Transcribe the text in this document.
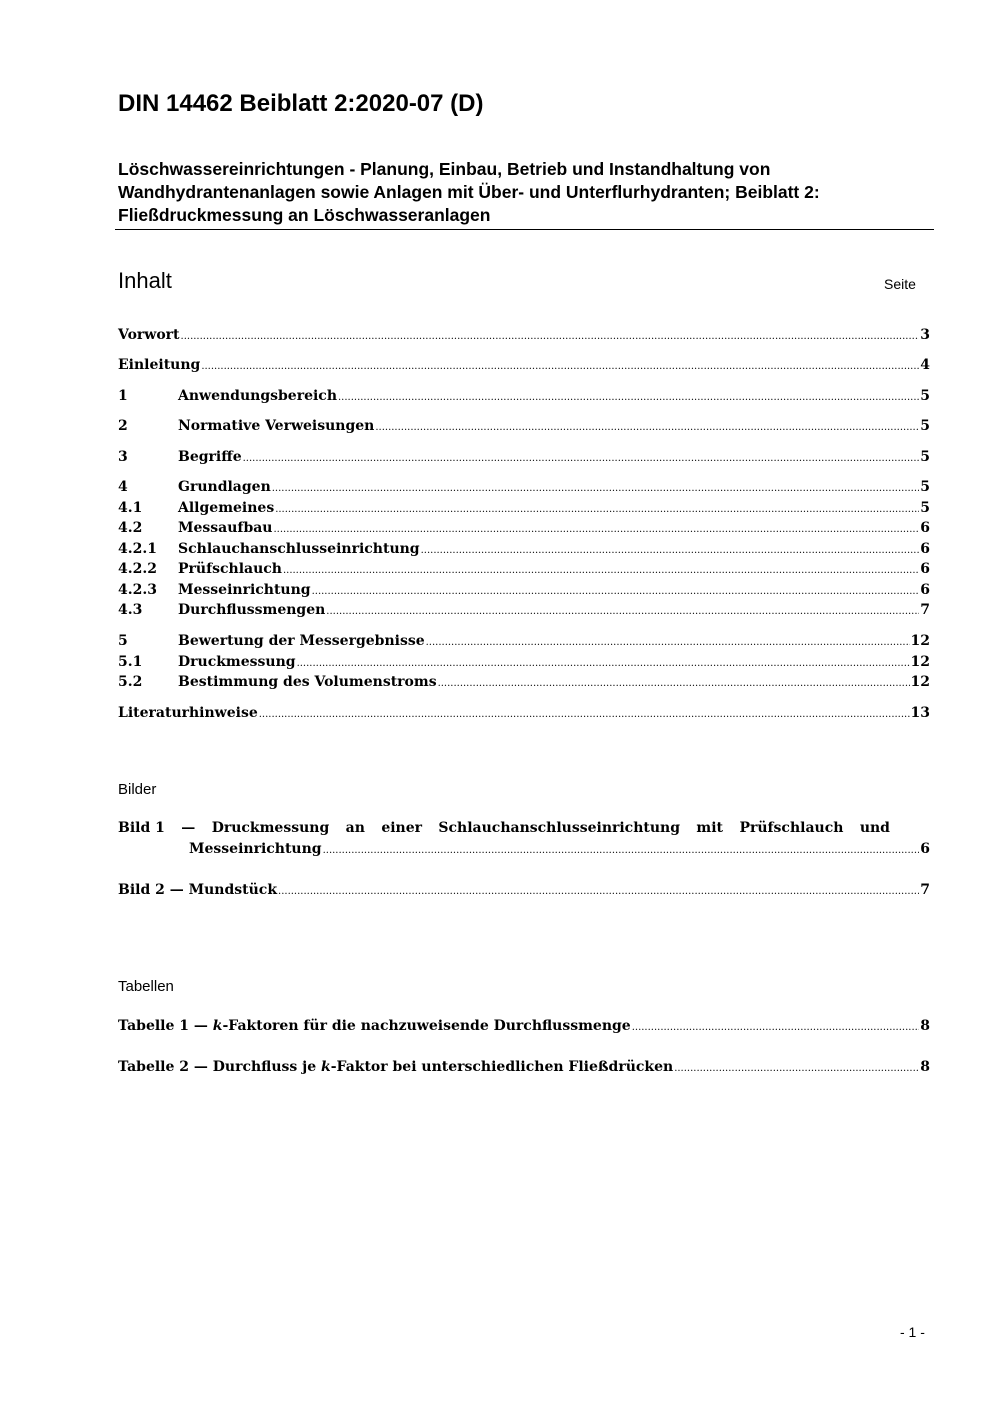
DIN 14462 Beiblatt 2:2020-07 (D)
Löschwassereinrichtungen - Planung, Einbau, Betrieb und Instandhaltung von
Wandhydrantenanlagen sowie Anlagen mit Über- und Unterflurhydranten; Beiblatt 2:
Fließdruckmessung an Löschwasseranlagen
Inhalt	Seite
Vorwort .....	3
Einleitung .....	4
1	Anwendungsbereich .....	5
2	Normative Verweisungen .....	5
3	Begriffe .....	5
4	Grundlagen .....	5
4.1	Allgemeines .....	5
4.2	Messaufbau .....	6
4.2.1	Schlauchanschlusseinrichtung .....	6
4.2.2	Prüfschlauch .....	6
4.2.3	Messeinrichtung .....	6
4.3	Durchflussmengen .....	7
5	Bewertung der Messergebnisse .....	12
5.1	Druckmessung .....	12
5.2	Bestimmung des Volumenstroms .....	12
Literaturhinweise .....	13
Bilder
Bild 1 — Druckmessung an einer Schlauchanschlusseinrichtung mit Prüfschlauch und
Messeinrichtung .....	6
Bild 2 — Mundstück .....	7
Tabellen
Tabelle 1 — k-Faktoren für die nachzuweisende Durchflussmenge .....	8
Tabelle 2 — Durchfluss je k-Faktor bei unterschiedlichen Fließdrücken .....	8
- 1 -
